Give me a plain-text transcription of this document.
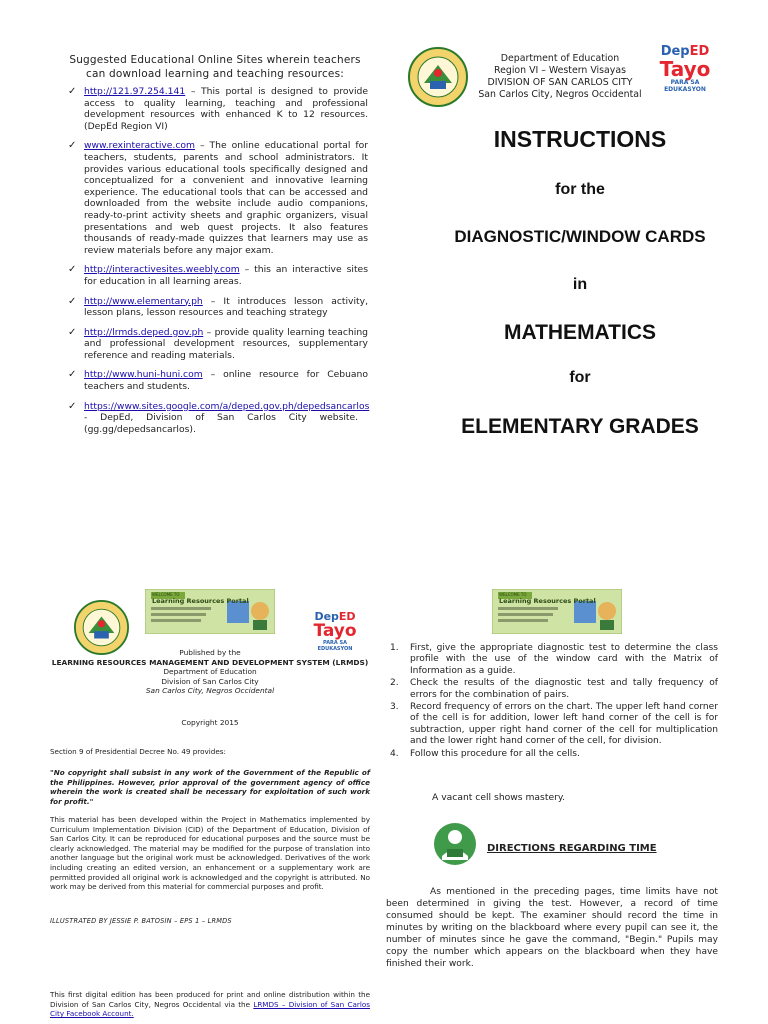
Suggested Educational Online Sites wherein teachers can download learning and teaching resources:
✓ http://121.97.254.141 – This portal is designed to provide access to quality learning, teaching and professional development resources with enhanced K to 12 resources. (DepEd Region VI)
✓ www.rexinteractive.com – The online educational portal for teachers, students, parents and school administrators. It provides various educational tools specifically designed and conceptualized for a convenient and innovative learning experience. The educational tools that can be accessed and downloaded from the website include audio companions, ready-to-print activity sheets and graphic organizers, visual presentations and web quest projects. It also features thousands of ready-made quizzes that learners may use as review materials before any major exam.
✓ http://interactivesites.weebly.com – this an interactive sites for education in all learning areas.
✓ http://www.elementary.ph – It introduces lesson activity, lesson plans, lesson resources and teaching strategy
✓ http://lrmds.deped.gov.ph – provide quality learning teaching and professional development resources, supplementary reference and reading materials.
✓ http://www.huni-huni.com – online resource for Cebuano teachers and students.
✓ https://www.sites.google.com/a/deped.gov.ph/depedsancarlos - DepEd, Division of San Carlos City website. (gg.gg/depedsancarlos).
Department of Education
Region VI – Western Visayas
DIVISION OF SAN CARLOS CITY
San Carlos City, Negros Occidental
DepED
Tayo
PARA SA
EDUKASYON
INSTRUCTIONS
for the
DIAGNOSTIC/WINDOW CARDS
in
MATHEMATICS
for
ELEMENTARY GRADES
WELCOME TO
Learning Resources Portal
DepED
Tayo
PARA SA
EDUKASYON
Published by the
LEARNING RESOURCES MANAGEMENT AND DEVELOPMENT SYSTEM (LRMDS)
Department of Education
Division of San Carlos City
San Carlos City, Negros Occidental
Copyright 2015
Section 9 of Presidential Decree No. 49 provides:
"No copyright shall subsist in any work of the Government of the Republic of the Philippines. However, prior approval of the government agency of office wherein the work is created shall be necessary for exploitation of such work for profit."
This material has been developed within the Project in Mathematics implemented by Curriculum Implementation Division (CID) of the Department of Education, Division of San Carlos City. It can be reproduced for educational purposes and the source must be clearly acknowledged. The material may be modified for the purpose of translation into another language but the original work must be acknowledged. Derivatives of the work including creating an edited version, an enhancement or a supplementary work are permitted provided all original work is acknowledged and the copyright is attributed. No work may be derived from this material for commercial purposes and profit.
ILLUSTRATED BY JESSIE P. BATOSIN – EPS 1 – LRMDS
This first digital edition has been produced for print and online distribution within the Division of San Carlos City, Negros Occidental via the LRMDS – Division of San Carlos City Facebook Account.
WELCOME TO
Learning Resources Portal
1. First, give the appropriate diagnostic test to determine the class profile with the use of the window card with the Matrix of Information as a guide.
2. Check the results of the diagnostic test and tally frequency of errors for the combination of pairs.
3. Record frequency of errors on the chart. The upper left hand corner of the cell is for addition, lower left hand corner of the cell is for subtraction, upper right hand corner of the cell for multiplication and the lower right hand corner of the cell, for division.
4. Follow this procedure for all the cells.
A vacant cell shows mastery.
DIRECTIONS REGARDING TIME
As mentioned in the preceding pages, time limits have not been determined in giving the test. However, a record of time consumed should be kept. The examiner should record the time in minutes by writing on the blackboard where every pupil can see it, the number of minutes since he gave the command, "Begin." Pupils may copy the number which appears on the blackboard when they have finished their work.
